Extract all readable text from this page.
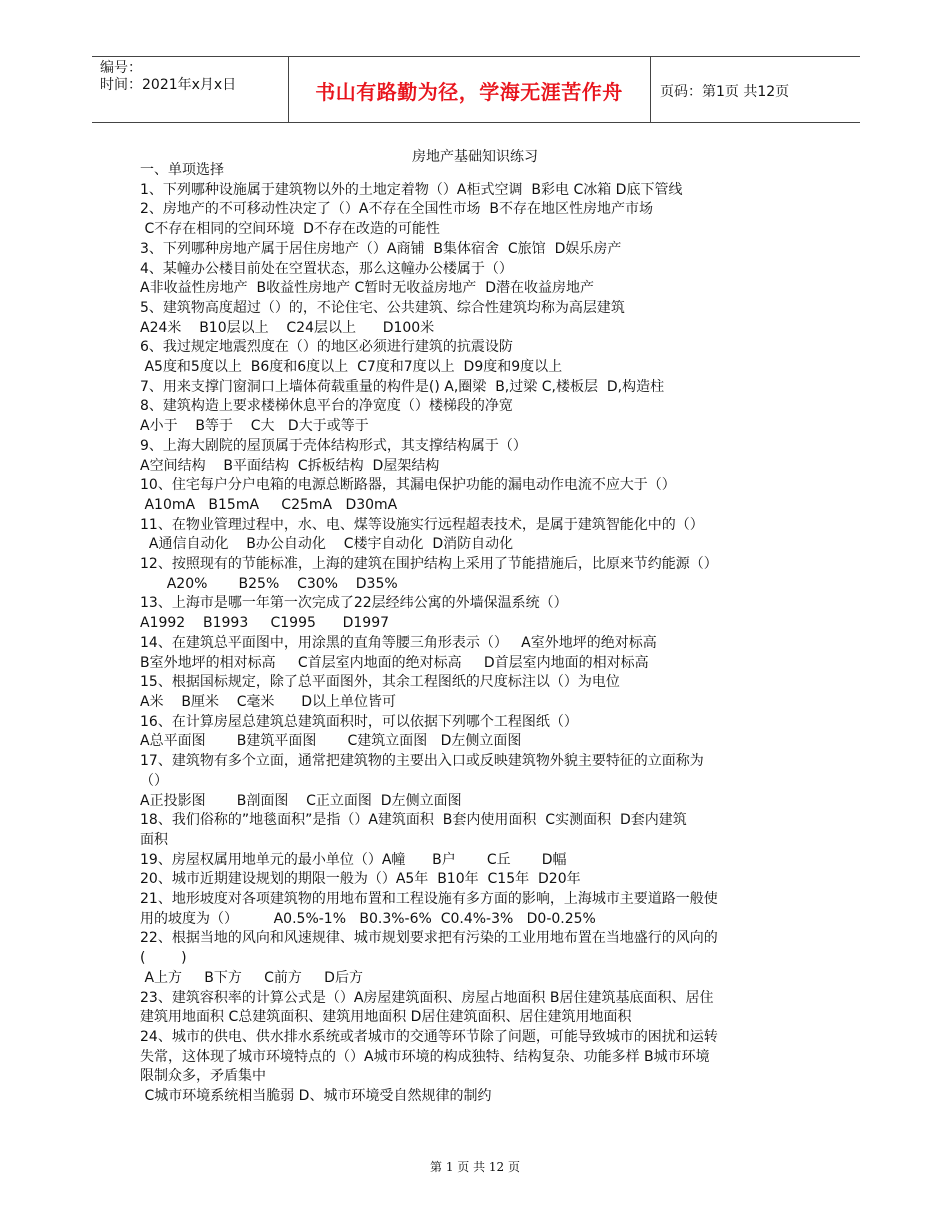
编号：
时间：2021年x月x日	书山有路勤为径，学海无涯苦作舟	页码：第1页 共12页
房地产基础知识练习
一、单项选择
1、下列哪种设施属于建筑物以外的土地定着物（）A柜式空调  B彩电 C冰箱 D底下管线
2、房地产的不可移动性决定了（）A不存在全国性市场  B不存在地区性房地产市场
C不存在相同的空间环境  D不存在改造的可能性
3、下列哪种房地产属于居住房地产（）A商铺  B集体宿舍  C旅馆  D娱乐房产
4、某幢办公楼目前处在空置状态，那么这幢办公楼属于（）
A非收益性房地产  B收益性房地产 C暂时无收益房地产  D潜在收益房地产
5、建筑物高度超过（）的，不论住宅、公共建筑、综合性建筑均称为高层建筑
A24米    B10层以上    C24层以上      D100米
6、我过规定地震烈度在（）的地区必须进行建筑的抗震设防
A5度和5度以上  B6度和6度以上  C7度和7度以上  D9度和9度以上
7、用来支撑门窗洞口上墙体荷载重量的构件是() A,圈梁  B,过梁 C,楼板层  D,构造柱
8、建筑构造上要求楼梯休息平台的净宽度（）楼梯段的净宽
A小于    B等于    C大   D大于或等于
9、上海大剧院的屋顶属于壳体结构形式，其支撑结构属于（）
A空间结构    B平面结构  C拆板结构  D屋架结构
10、住宅每户分户电箱的电源总断路器，其漏电保护功能的漏电动作电流不应大于（）
A10mA   B15mA     C25mA   D30mA
11、在物业管理过程中，水、电、煤等设施实行远程超表技术，是属于建筑智能化中的（）
A通信自动化    B办公自动化    C楼宇自动化  D消防自动化
12、按照现有的节能标准，上海的建筑在围护结构上采用了节能措施后，比原来节约能源（）
A20%       B25%    C30%    D35%
13、上海市是哪一年第一次完成了22层经纬公寓的外墙保温系统（）
A1992    B1993     C1995      D1997
14、在建筑总平面图中，用涂黑的直角等腰三角形表示（）   A室外地坪的绝对标高
B室外地坪的相对标高     C首层室内地面的绝对标高     D首层室内地面的相对标高
15、根据国标规定，除了总平面图外，其余工程图纸的尺度标注以（）为电位
A米    B厘米    C毫米      D以上单位皆可
16、在计算房屋总建筑总建筑面积时，可以依据下列哪个工程图纸（）
A总平面图       B建筑平面图       C建筑立面图   D左侧立面图
17、建筑物有多个立面，通常把建筑物的主要出入口或反映建筑物外貌主要特征的立面称为
（）
A正投影图       B剖面图    C正立面图  D左侧立面图
18、我们俗称的”地毯面积”是指（）A建筑面积  B套内使用面积  C实测面积  D套内建筑
面积
19、房屋权属用地单元的最小单位（）A幢      B户       C丘       D幅
20、城市近期建设规划的期限一般为（）A5年  B10年  C15年  D20年
21、地形坡度对各项建筑物的用地布置和工程设施有多方面的影响，上海城市主要道路一般使
用的坡度为（）        A0.5%-1%   B0.3%-6%  C0.4%-3%   D0-0.25%
22、根据当地的风向和风速规律、城市规划要求把有污染的工业用地布置在当地盛行的风向的
(        )
A上方     B下方     C前方     D后方
23、建筑容积率的计算公式是（）A房屋建筑面积、房屋占地面积 B居住建筑基底面积、居住
建筑用地面积 C总建筑面积、建筑用地面积 D居住建筑面积、居住建筑用地面积
24、城市的供电、供水排水系统或者城市的交通等环节除了问题，可能导致城市的困扰和运转
失常，这体现了城市环境特点的（）A城市环境的构成独特、结构复杂、功能多样 B城市环境
限制众多，矛盾集中
C城市环境系统相当脆弱 D、城市环境受自然规律的制约
第 1 页 共 12 页
